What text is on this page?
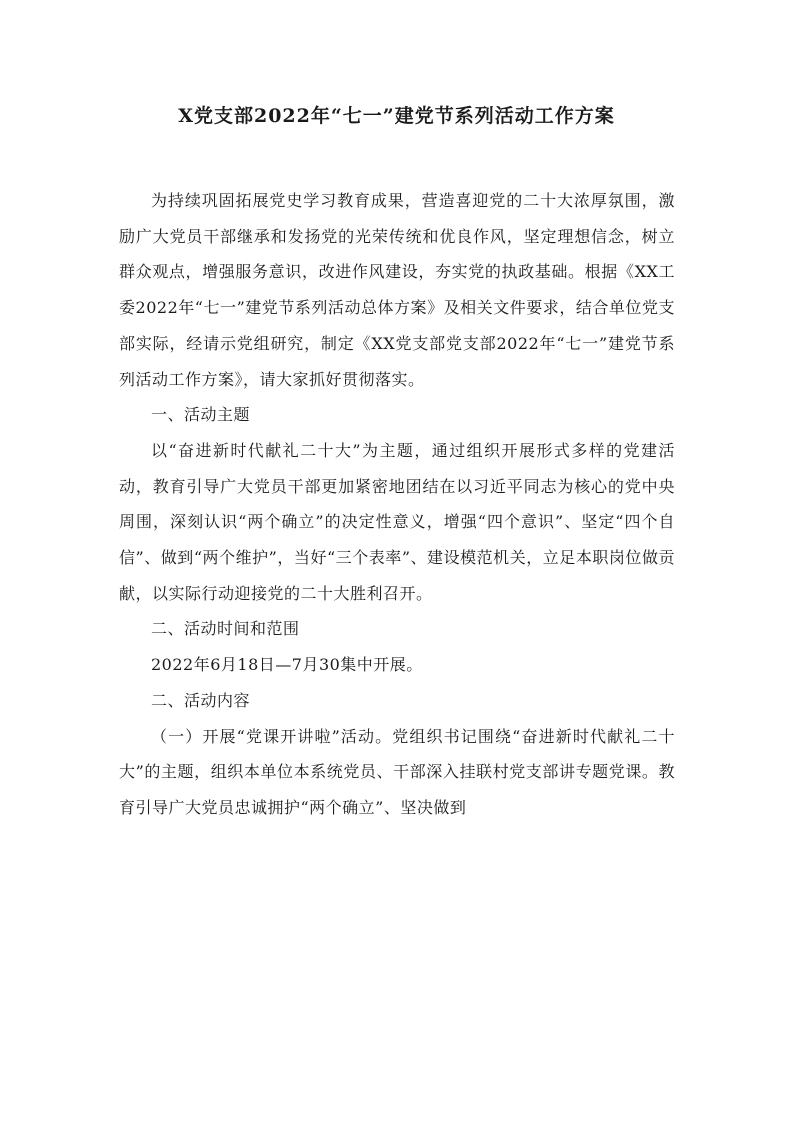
X党支部2022年“七一”建党节系列活动工作方案

为持续巩固拓展党史学习教育成果，营造喜迎党的二十大浓厚氛围，激励广大党员干部继承和发扬党的光荣传统和优良作风，坚定理想信念，树立群众观点，增强服务意识，改进作风建设，夯实党的执政基础。根据《XX工委2022年“七一”建党节系列活动总体方案》及相关文件要求，结合单位党支部实际，经请示党组研究，制定《XX党支部党支部2022年“七一”建党节系列活动工作方案》，请大家抓好贯彻落实。

一、活动主题

以“奋进新时代献礼二十大”为主题，通过组织开展形式多样的党建活动，教育引导广大党员干部更加紧密地团结在以习近平同志为核心的党中央周围，深刻认识“两个确立”的决定性意义，增强“四个意识”、坚定“四个自信”、做到“两个维护”，当好“三个表率”、建设模范机关，立足本职岗位做贡献，以实际行动迎接党的二十大胜利召开。

二、活动时间和范围

2022年6月18日—7月30集中开展。

二、活动内容

（一）开展“党课开讲啦”活动。党组织书记围绕“奋进新时代献礼二十大”的主题，组织本单位本系统党员、干部深入挂联村党支部讲专题党课。教育引导广大党员忠诚拥护“两个确立”、坚决做到
